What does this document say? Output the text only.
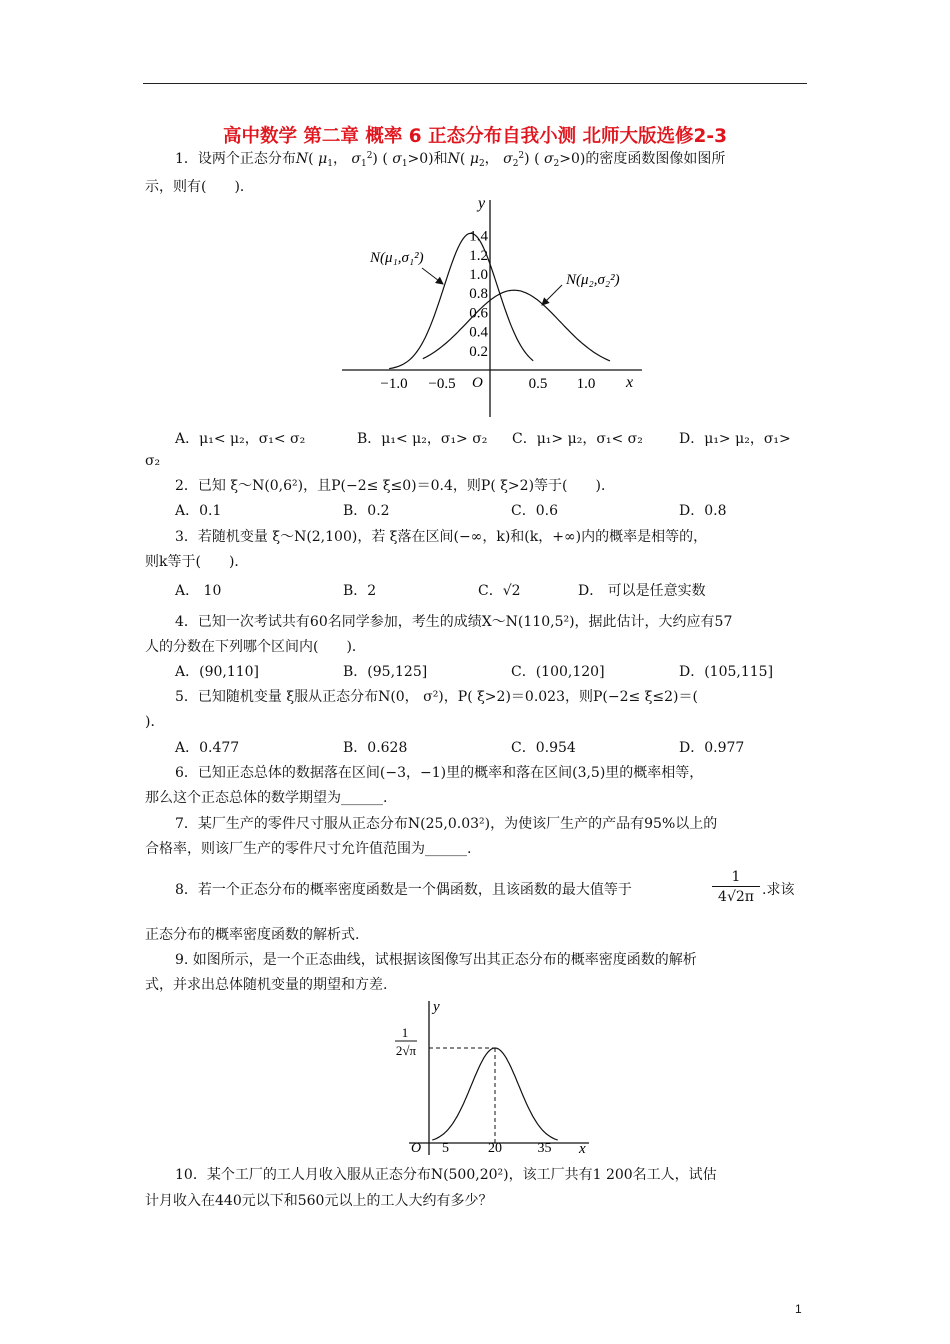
高中数学 第二章 概率 6 正态分布自我小测 北师大版选修2-3
1．设两个正态分布N( $\mu_1$， $\sigma_1^2$) ( $\sigma_1>0$)和N( $\mu_2$， $\sigma_2^2$) ( $\sigma_2>0$)的密度函数图像如图所
示，则有(　　)．
y
x
O
1.4
1.2
1.0
0.8
0.6
0.4
0.2
−1.0 −0.5	0.5 1.0
N(μ₁,σ₁²)
N(μ₂,σ₂²)
A．μ₁< μ₂，σ₁< σ₂	B．μ₁< μ₂，σ₁> σ₂ C．μ₁> μ₂，σ₁< σ₂	D．μ₁> μ₂，σ₁>
σ₂
2．已知 ξ～N(0,6²)，且P(−2≤ ξ≤0)＝0.4，则P( ξ>2)等于(　　)．
A．0.1	B．0.2	C．0.6	D．0.8
3．若随机变量 ξ～N(2,100)，若 ξ落在区间(−∞，k)和(k，+∞)内的概率是相等的，
则k等于(　　)．
A． 10	B．2	C．√2	D． 可以是任意实数
4．已知一次考试共有60名同学参加，考生的成绩X～N(110,5²)，据此估计，大约应有57
人的分数在下列哪个区间内(　　)．
A．(90,110]	B．(95,125]	C．(100,120]	D．(105,115]
5．已知随机变量 ξ服从正态分布N(0， σ²)，P( ξ>2)＝0.023，则P(−2≤ ξ≤2)＝(
)．
A．0.477	B．0.628	C．0.954	D．0.977
6．已知正态总体的数据落在区间(−3，−1)里的概率和落在区间(3,5)里的概率相等，
那么这个正态总体的数学期望为______.
7．某厂生产的零件尺寸服从正态分布N(25,0.03²)，为使该厂生产的产品有95%以上的
合格率，则该厂生产的零件尺寸允许值范围为______.
8．若一个正态分布的概率密度函数是一个偶函数，且该函数的最大值等于	$\frac{1}{4√2\pi}$ .求该
正态分布的概率密度函数的解析式.
9. 如图所示，是一个正态曲线，试根据该图像写出其正态分布的概率密度函数的解析
式，并求出总体随机变量的期望和方差.
y
x
O
1
2√π
5	20	35
10．某个工厂的工人月收入服从正态分布N(500,20²)，该工厂共有1 200名工人，试估
计月收入在440元以下和560元以上的工人大约有多少？
1
